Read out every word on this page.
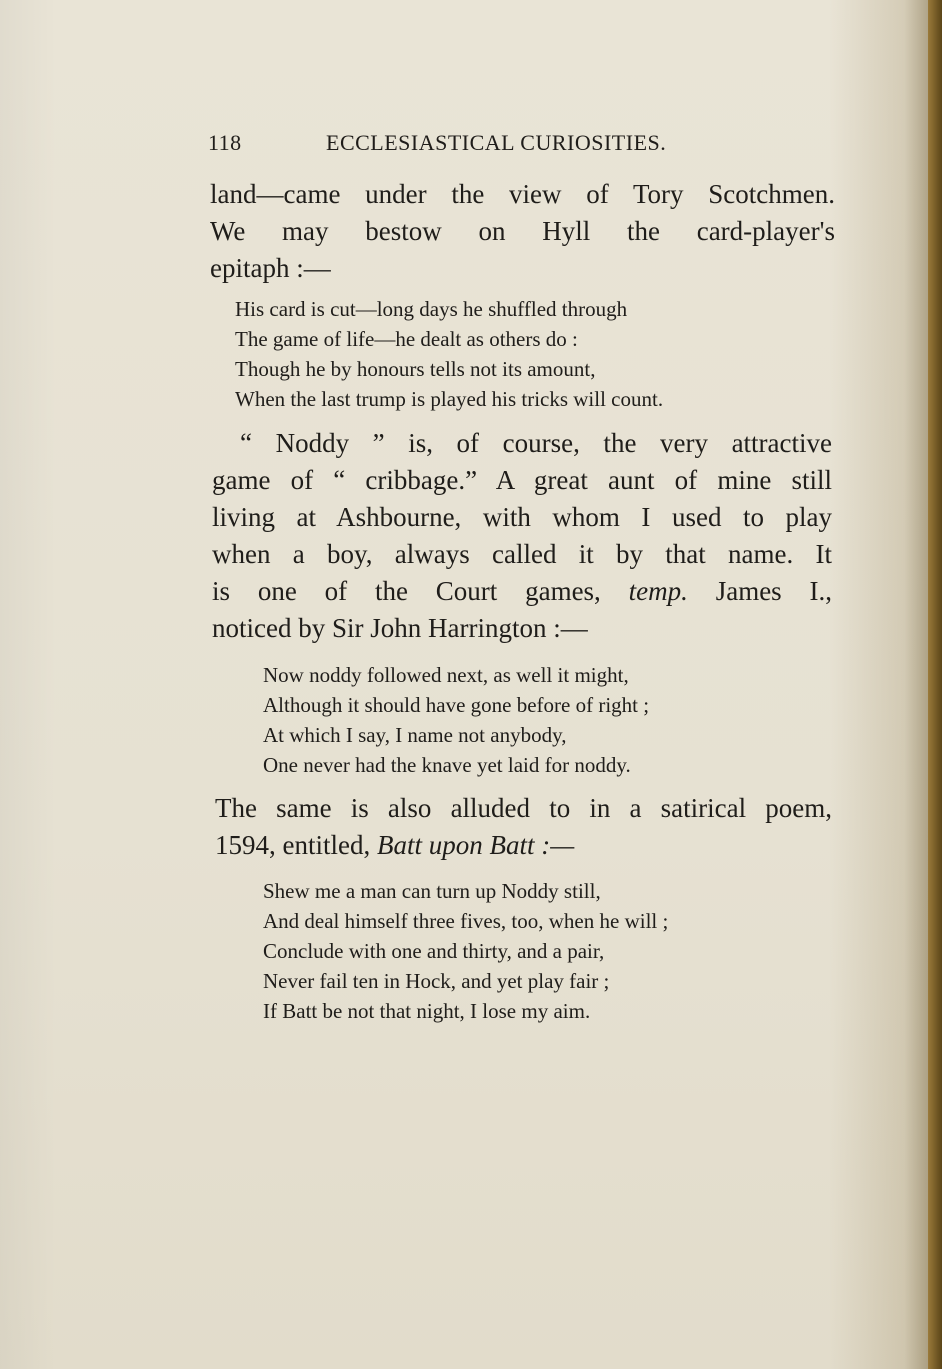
118	ECCLESIASTICAL CURIOSITIES.
land—came under the view of Tory Scotchmen.
We may bestow on Hyll the card-player's
epitaph :—
His card is cut—long days he shuffled through
The game of life—he dealt as others do :
Though he by honours tells not its amount,
When the last trump is played his tricks will count.
“ Noddy ” is, of course, the very attractive
game of “ cribbage.” A great aunt of mine still
living at Ashbourne, with whom I used to play
when a boy, always called it by that name. It
is one of the Court games, temp. James I.,
noticed by Sir John Harrington :—
Now noddy followed next, as well it might,
Although it should have gone before of right ;
At which I say, I name not anybody,
One never had the knave yet laid for noddy.
The same is also alluded to in a satirical poem,
1594, entitled, Batt upon Batt :—
Shew me a man can turn up Noddy still,
And deal himself three fives, too, when he will ;
Conclude with one and thirty, and a pair,
Never fail ten in Hock, and yet play fair ;
If Batt be not that night, I lose my aim.
